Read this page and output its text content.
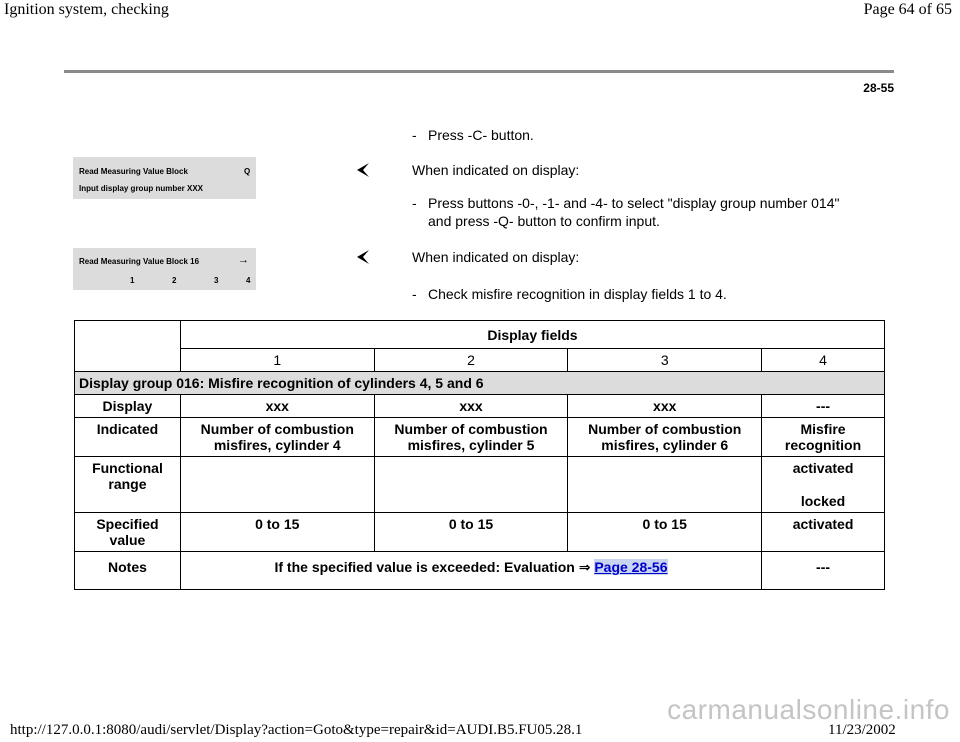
Ignition system, checking	Page 64 of 65
28-55
- Press -C- button.
Read Measuring Value Block	Q
Input display group number XXX
When indicated on display:
- Press buttons -0-, -1- and -4- to select "display group number 014"
and press -Q- button to confirm input.
Read Measuring Value Block 16	→
1	2	3	4
When indicated on display:
- Check misfire recognition in display fields 1 to 4.
	Display fields			
	1	2	3	4
Display group 016: Misfire recognition of cylinders 4, 5 and 6				
Display	xxx	xxx	xxx	---
Indicated	Number of combustion misfires, cylinder 4	Number of combustion misfires, cylinder 5	Number of combustion misfires, cylinder 6	Misfire recognition
Functional range				activated
locked

Specified value	0 to 15	0 to 15	0 to 15	activated
Notes	If the specified value is exceeded: Evaluation ⇒ Page 28-56			---
carmanualsonline.info
http://127.0.0.1:8080/audi/servlet/Display?action=Goto&type=repair&id=AUDI.B5.FU05.28.1	11/23/2002
